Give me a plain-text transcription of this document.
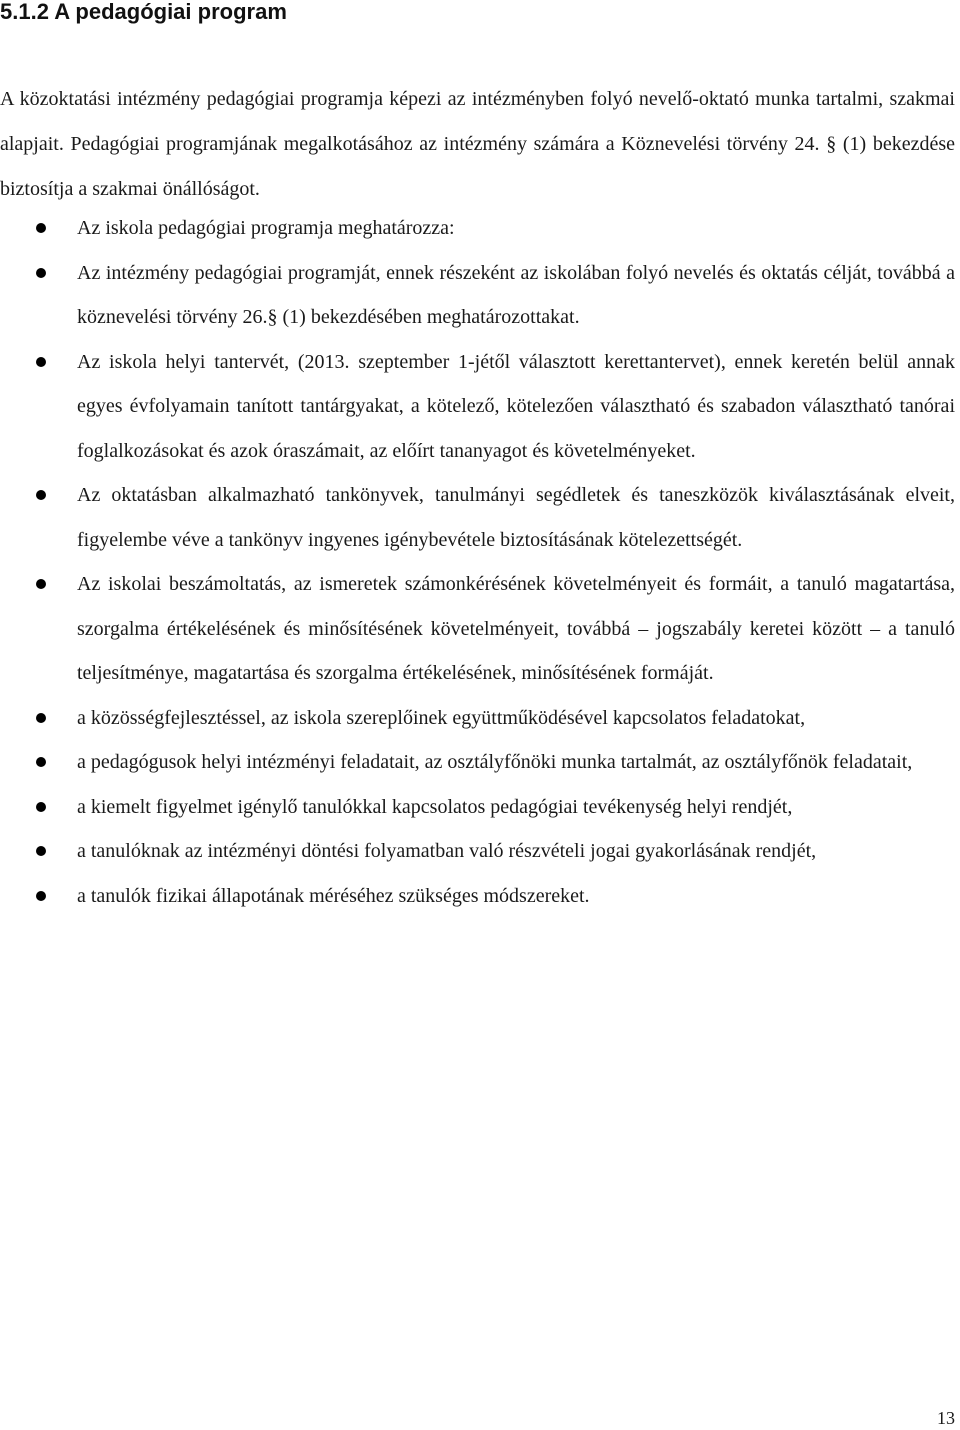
5.1.2 A pedagógiai program

A közoktatási intézmény pedagógiai programja képezi az intézményben folyó nevelő-oktató munka tartalmi, szakmai alapjait. Pedagógiai programjának megalkotásához az intézmény számára a Köznevelési törvény 24. § (1) bekezdése biztosítja a szakmai önállóságot.

Az iskola pedagógiai programja meghatározza:
Az intézmény pedagógiai programját, ennek részeként az iskolában folyó nevelés és oktatás célját, továbbá a köznevelési törvény 26.§ (1) bekezdésében meghatározottakat.
Az iskola helyi tantervét, (2013. szeptember 1-jétől választott kerettantervet), ennek keretén belül annak egyes évfolyamain tanított tantárgyakat, a kötelező, kötelezően választható és szabadon választható tanórai foglalkozásokat és azok óraszámait, az előírt tananyagot és követelményeket.
Az oktatásban alkalmazható tankönyvek, tanulmányi segédletek és taneszközök kiválasztásának elveit, figyelembe véve a tankönyv ingyenes igénybevétele biztosításának kötelezettségét.
Az iskolai beszámoltatás, az ismeretek számonkérésének követelményeit és formáit, a tanuló magatartása, szorgalma értékelésének és minősítésének követelményeit, továbbá – jogszabály keretei között – a tanuló teljesítménye, magatartása és szorgalma értékelésének, minősítésének formáját.
a közösségfejlesztéssel, az iskola szereplőinek együttműködésével kapcsolatos feladatokat,
a pedagógusok helyi intézményi feladatait, az osztályfőnöki munka tartalmát, az osztályfőnök feladatait,
a kiemelt figyelmet igénylő tanulókkal kapcsolatos pedagógiai tevékenység helyi rendjét,
a tanulóknak az intézményi döntési folyamatban való részvételi jogai gyakorlásának rendjét,
a tanulók fizikai állapotának méréséhez szükséges módszereket.
13
